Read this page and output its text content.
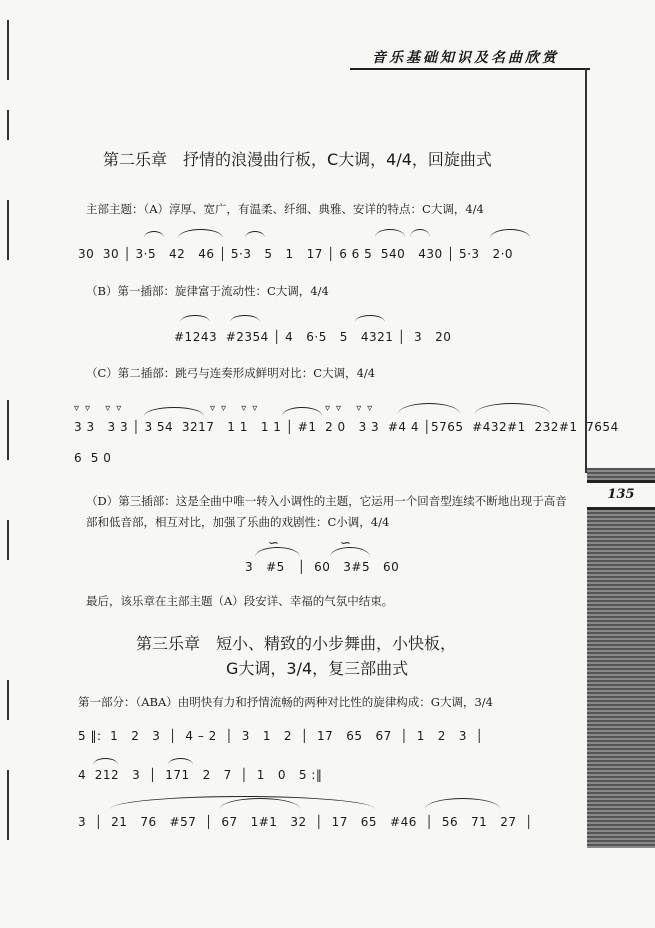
音乐基础知识及名曲欣赏
135
第二乐章　抒情的浪漫曲行板，C大调，4/4，回旋曲式
主部主题：（A）淳厚、宽广，有温柔、纤细、典雅、安详的特点：C大调，4/4
30  30 │ 3·5   42   46 │ 5·3   5   1   17 │ 6 6 5  540   430 │ 5·3   2·0
（B）第一插部：旋律富于流动性：C大调，4/4
#1243  #2354 │ 4   6·5   5   4321 │  3   20
（C）第二插部：跳弓与连奏形成鲜明对比：C大调，4/4
▿▿ ▿▿	▿▿ ▿▿	▿▿ ▿▿
3 3   3 3 │ 3 54  3217   1 1   1 1 │ #1  2 0   3 3  #4 4 │5765  #432#1  232#1  7654
6  5 0
（D）第三插部：这是全曲中唯一转入小调性的主题，它运用一个回音型连续不断地出现于高音部和低音部，相互对比，加强了乐曲的戏剧性：C小调，4/4
∽	∽
3   #5   │  60   3#5   60
最后，该乐章在主部主题（A）段安详、幸福的气氛中结束。
第三乐章　短小、精致的小步舞曲，小快板，
G大调，3/4，复三部曲式
第一部分：（ABA）由明快有力和抒情流畅的两种对比性的旋律构成：G大调，3/4
5 ‖:  1   2   3  │  4 – 2  │  3   1   2  │  17   65   67  │  1   2   3  │
4  212   3  │  171   2   7  │  1   0   5 :‖
3  │  21   76   #57  │  67   1#1   32  │  17   65   #46  │  56   71   27  │
